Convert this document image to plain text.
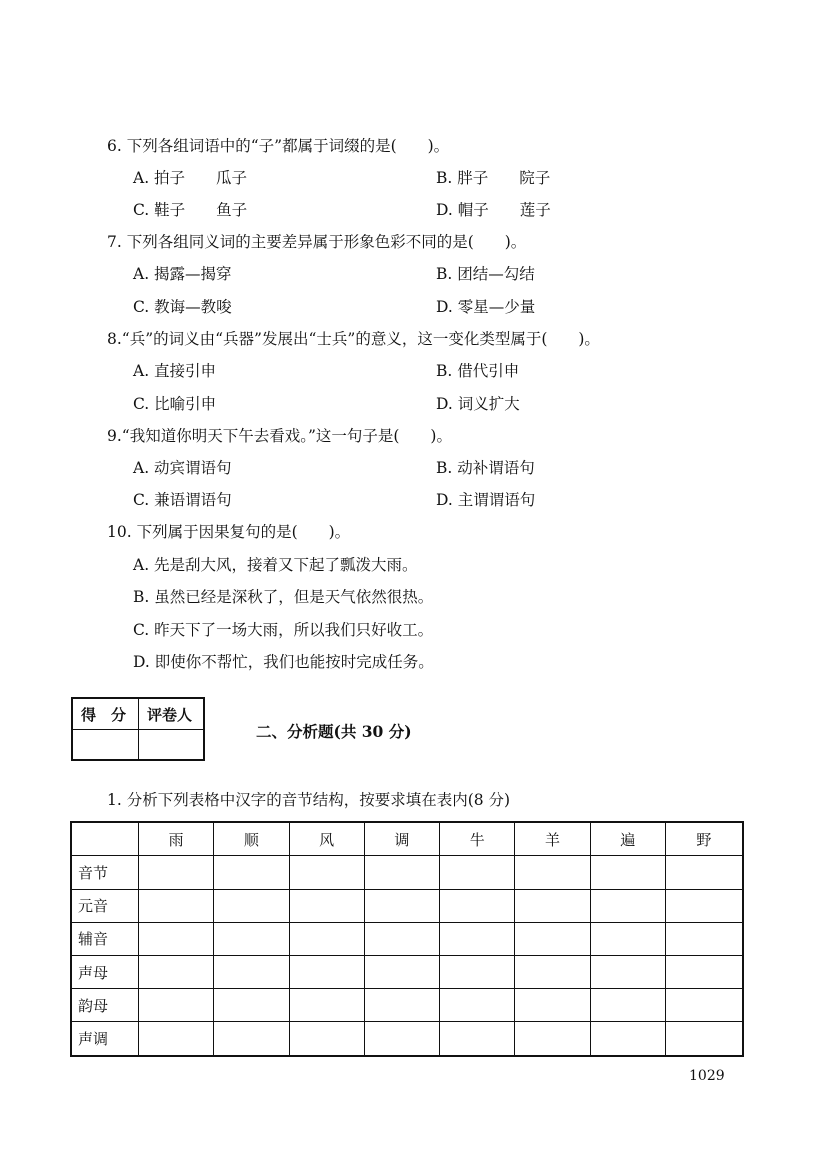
6. 下列各组词语中的“子”都属于词缀的是(　　)。
A. 拍子　　瓜子	B. 胖子　　院子
C. 鞋子　　鱼子	D. 帽子　　莲子
7. 下列各组同义词的主要差异属于形象色彩不同的是(　　)。
A. 揭露—揭穿	B. 团结—勾结
C. 教诲—教唆	D. 零星—少量
8.“兵”的词义由“兵器”发展出“士兵”的意义，这一变化类型属于(　　)。
A. 直接引申	B. 借代引申
C. 比喻引申	D. 词义扩大
9.“我知道你明天下午去看戏。”这一句子是(　　)。
A. 动宾谓语句	B. 动补谓语句
C. 兼语谓语句	D. 主谓谓语句
10. 下列属于因果复句的是(　　)。
A. 先是刮大风，接着又下起了瓢泼大雨。
B. 虽然已经是深秋了，但是天气依然很热。
C. 昨天下了一场大雨，所以我们只好收工。
D. 即使你不帮忙，我们也能按时完成任务。
得　分 评卷人
二、分析题(共 30 分)
1. 分析下列表格中汉字的音节结构，按要求填在表内(8 分)
	雨	顺	风	调	牛	羊	遍	野
音节								
元音								
辅音								
声母								
韵母								
声调								
1029
